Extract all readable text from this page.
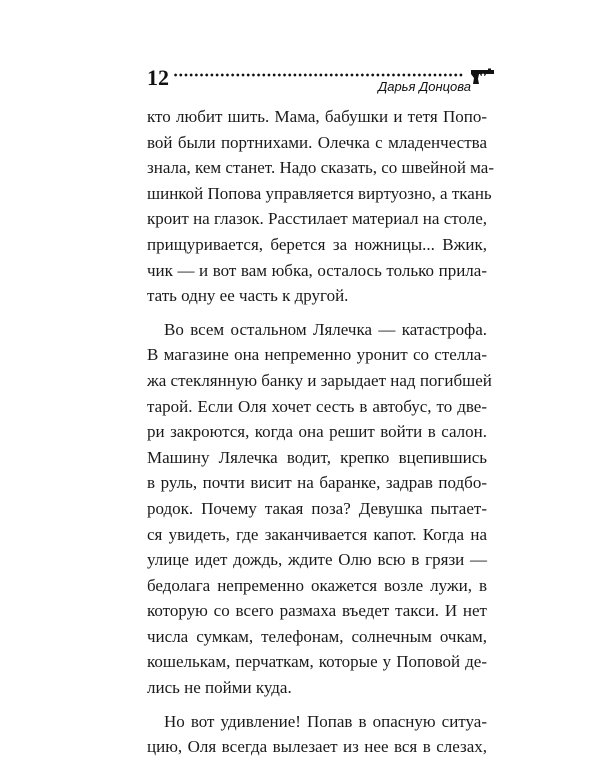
12	Дарья Донцова
кто любит шить. Мама, бабушки и тетя Попо-
вой были портнихами. Олечка с младенчества
знала, кем станет. Надо сказать, со швейной ма-
шинкой Попова управляется виртуозно, а ткань
кроит на глазок. Расстилает материал на столе,
прищуривается, берется за ножницы... Вжик,
чик — и вот вам юбка, осталось только прила-
тать одну ее часть к другой.
Во всем остальном Лялечка — катастрофа.
В магазине она непременно уронит со стелла-
жа стеклянную банку и зарыдает над погибшей
тарой. Если Оля хочет сесть в автобус, то две-
ри закроются, когда она решит войти в салон.
Машину Лялечка водит, крепко вцепившись
в руль, почти висит на баранке, задрав подбо-
родок. Почему такая поза? Девушка пытает-
ся увидеть, где заканчивается капот. Когда на
улице идет дождь, ждите Олю всю в грязи —
бедолага непременно окажется возле лужи, в
которую со всего размаха въедет такси. И нет
числа сумкам, телефонам, солнечным очкам,
кошелькам, перчаткам, которые у Поповой де-
лись не пойми куда.
Но вот удивление! Попав в опасную ситуа-
цию, Оля всегда вылезает из нее вся в слезах,
